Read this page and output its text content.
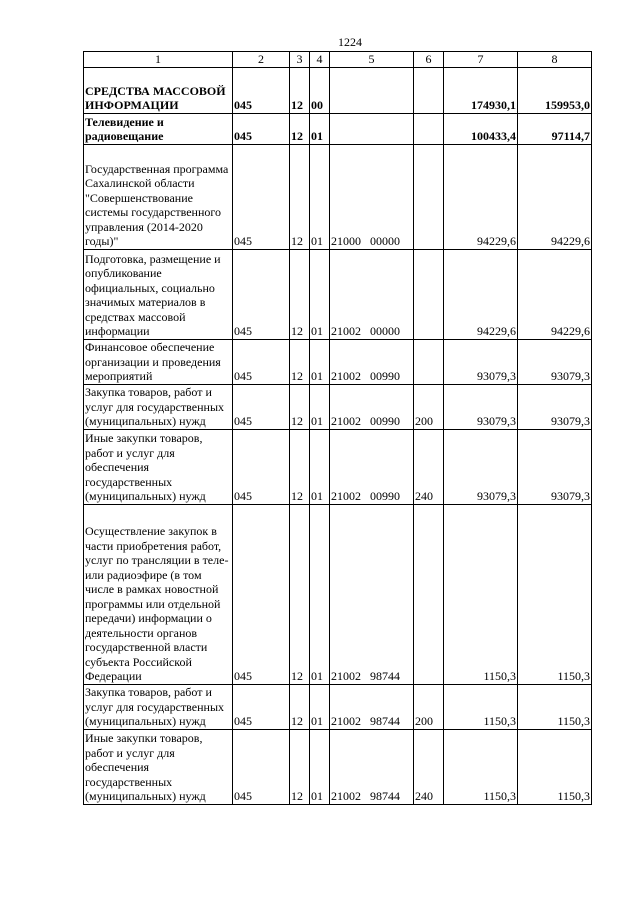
1224
1	2	3	4	5	6	7	8
СРЕДСТВА МАССОВОЙ ИНФОРМАЦИИ	045	12	00			174930,1	159953,0
Телевидение и радиовещание	045	12	01			100433,4	97114,7
Государственная программа Сахалинской области "Совершенствование системы государственного управления (2014-2020 годы)"	045	12	01	21000 00000		94229,6	94229,6
Подготовка, размещение и опубликование официальных, социально значимых материалов в средствах массовой информации	045	12	01	21002 00000		94229,6	94229,6
Финансовое обеспечение организации и проведения мероприятий	045	12	01	21002 00990		93079,3	93079,3
Закупка товаров, работ и услуг для государственных (муниципальных) нужд	045	12	01	21002 00990	200	93079,3	93079,3
Иные закупки товаров, работ и услуг для обеспечения государственных (муниципальных) нужд	045	12	01	21002 00990	240	93079,3	93079,3
Осуществление закупок в части приобретения работ, услуг по трансляции в теле- или радиоэфире (в том числе в рамках новостной программы или отдельной передачи) информации о деятельности органов государственной власти субъекта Российской Федерации	045	12	01	21002 98744		1150,3	1150,3
Закупка товаров, работ и услуг для государственных (муниципальных) нужд	045	12	01	21002 98744	200	1150,3	1150,3
Иные закупки товаров, работ и услуг для обеспечения государственных (муниципальных) нужд	045	12	01	21002 98744	240	1150,3	1150,3
